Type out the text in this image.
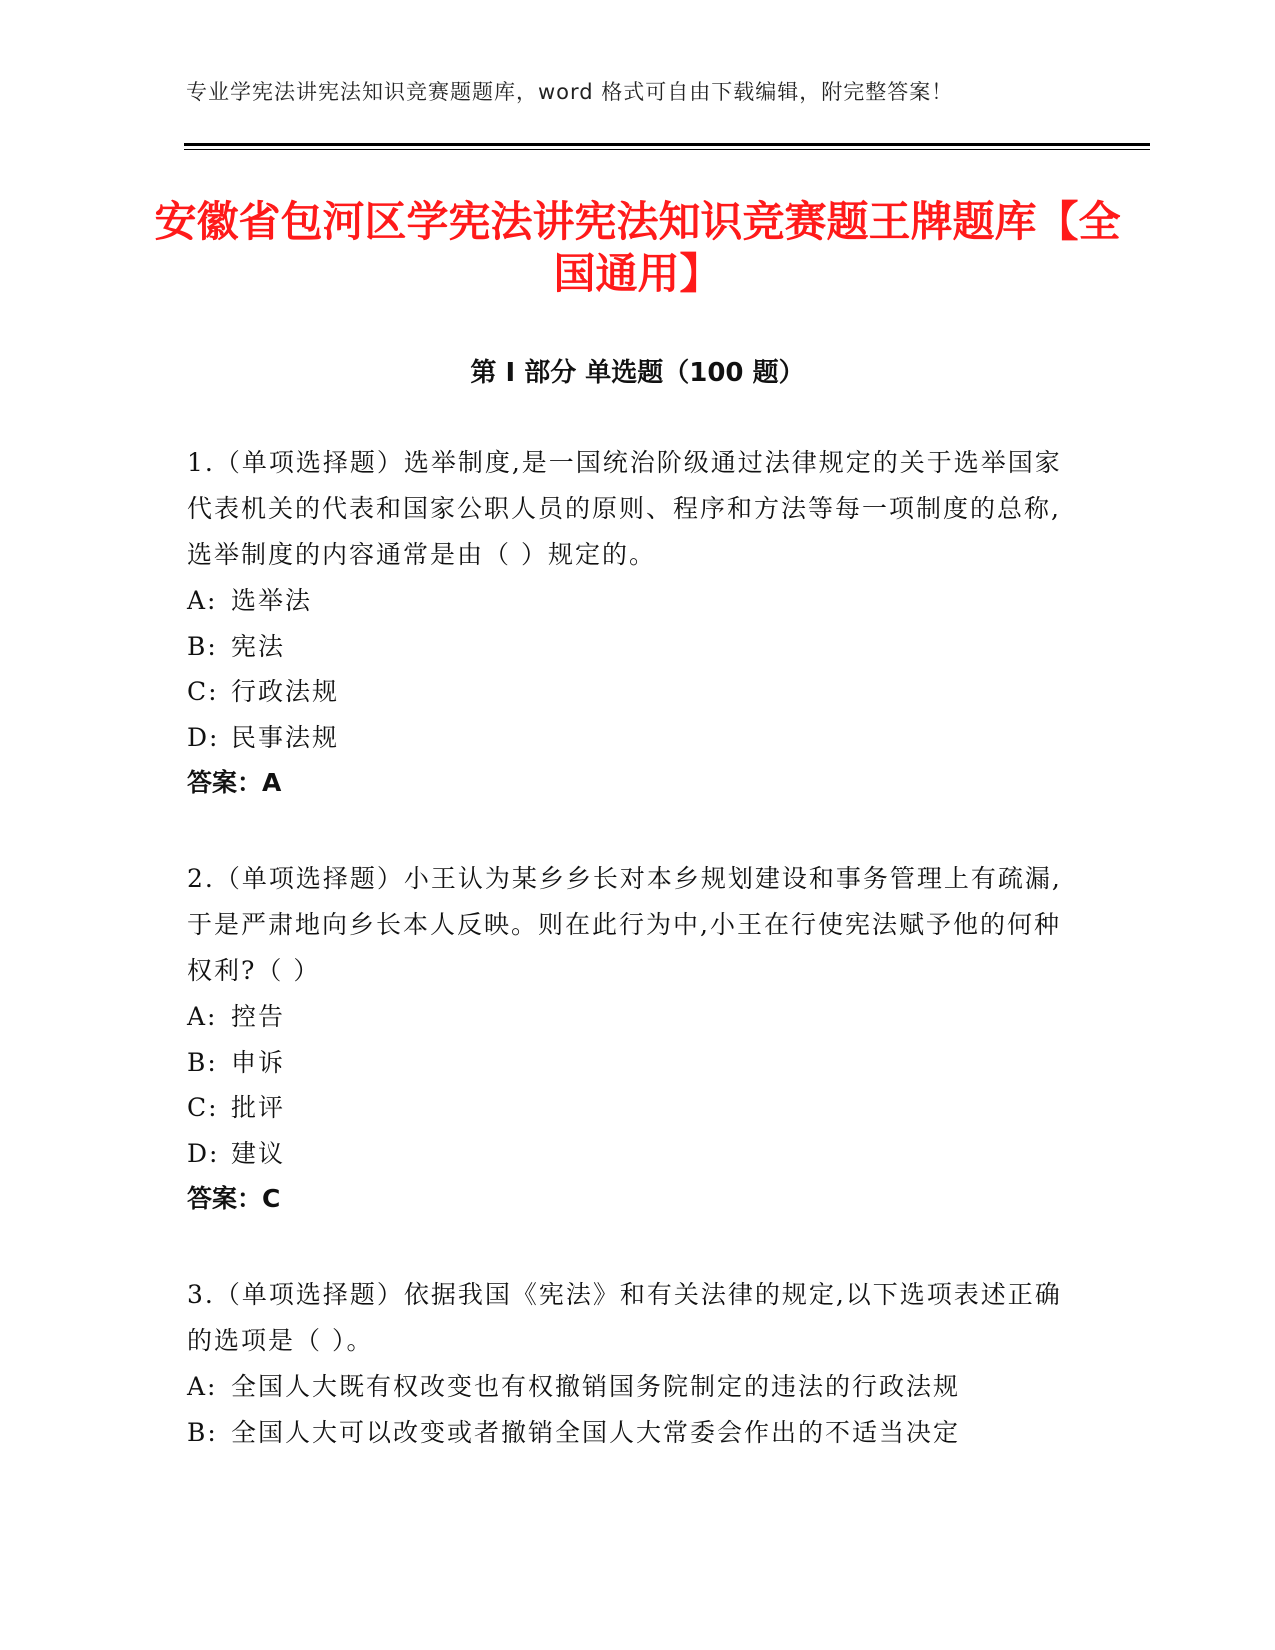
专业学宪法讲宪法知识竞赛题题库，word 格式可自由下载编辑，附完整答案！
安徽省包河区学宪法讲宪法知识竞赛题王牌题库【全国通用】
第 I 部分 单选题（100 题）

1.（单项选择题）选举制度,是一国统治阶级通过法律规定的关于选举国家代表机关的代表和国家公职人员的原则、程序和方法等每一项制度的总称,选举制度的内容通常是由（ ）规定的。

A: 选举法
B: 宪法
C: 行政法规
D: 民事法规
答案：A

2.（单项选择题）小王认为某乡乡长对本乡规划建设和事务管理上有疏漏,于是严肃地向乡长本人反映。则在此行为中,小王在行使宪法赋予他的何种权利?（ ）

A: 控告
B: 申诉
C: 批评
D: 建议
答案：C

3.（单项选择题）依据我国《宪法》和有关法律的规定,以下选项表述正确的选项是（ ）。

A: 全国人大既有权改变也有权撤销国务院制定的违法的行政法规
B: 全国人大可以改变或者撤销全国人大常委会作出的不适当决定
